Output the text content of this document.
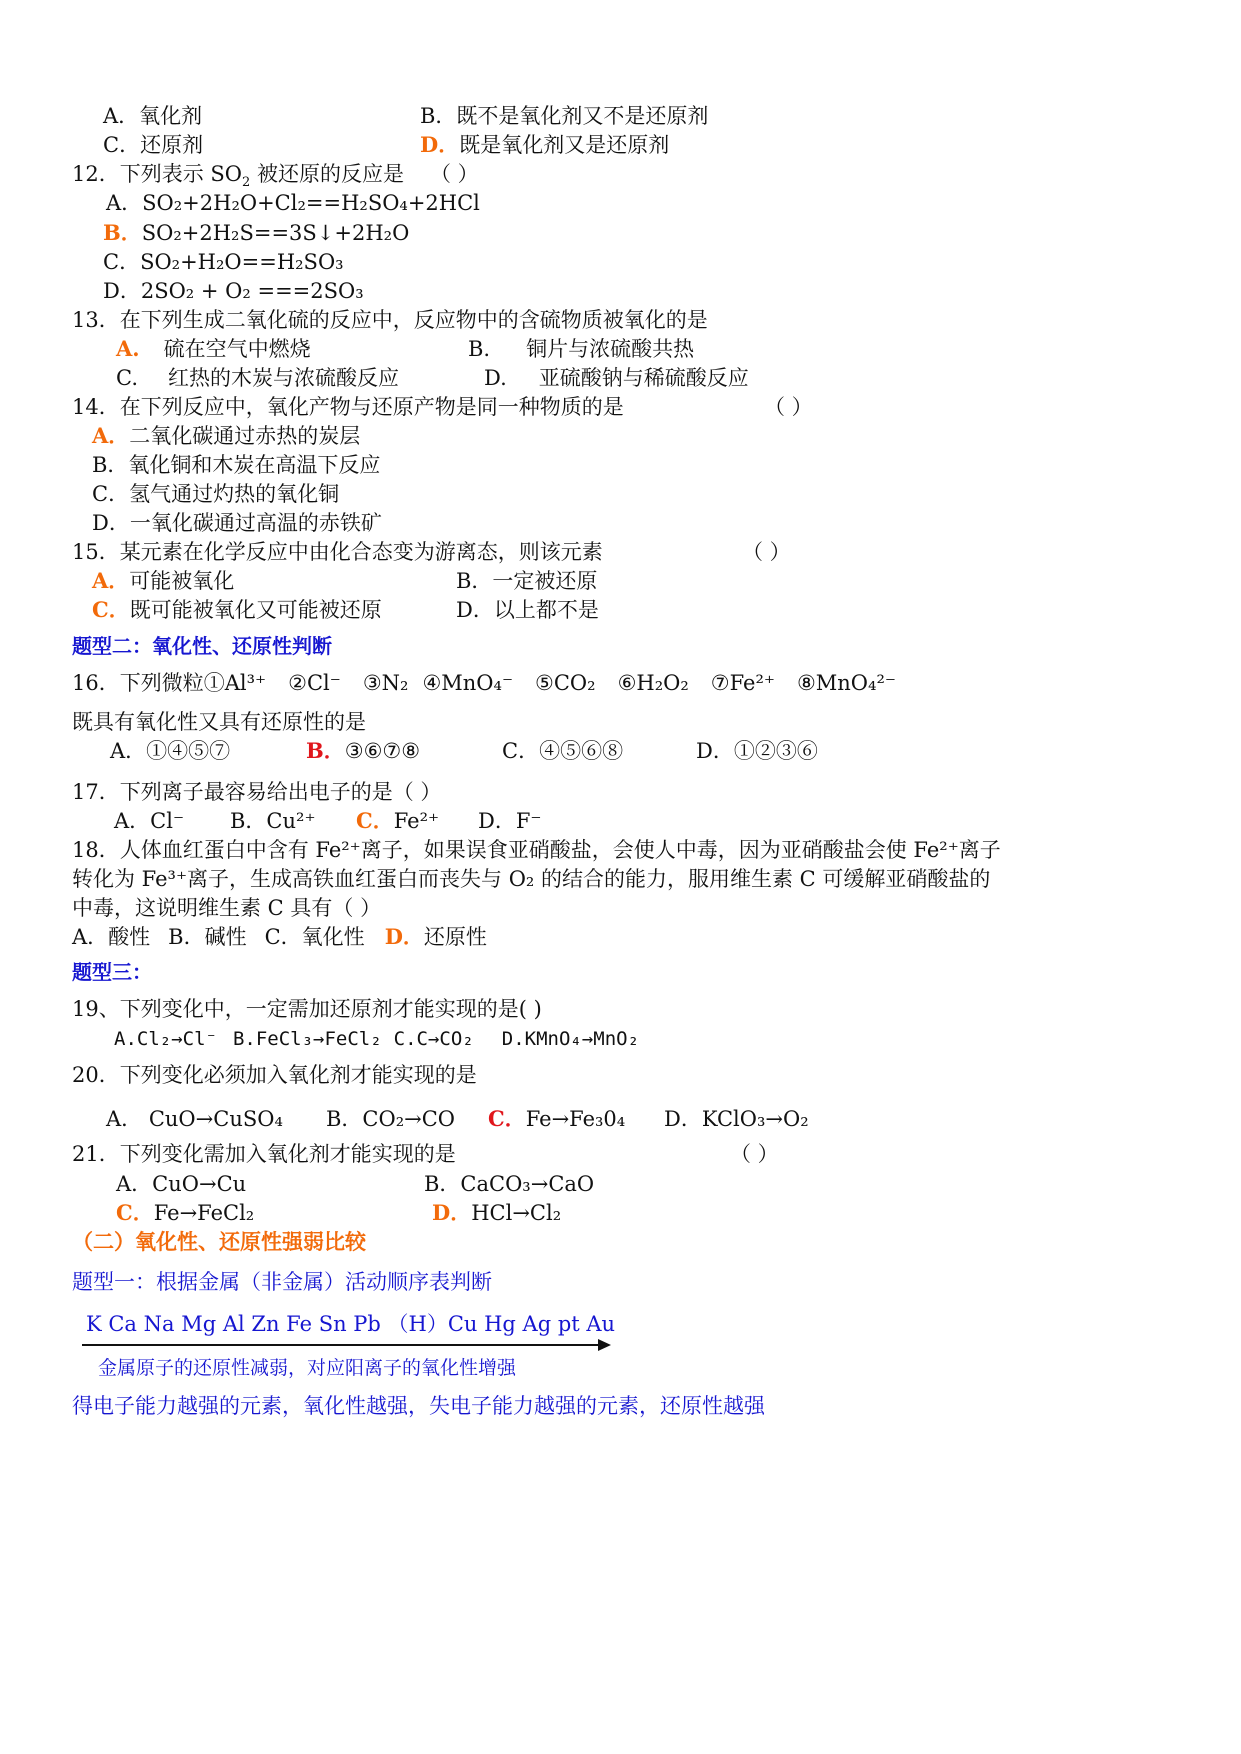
A．氧化剂	B．既不是氧化剂又不是还原剂
C．还原剂	D．既是氧化剂又是还原剂
12．下列表示 $SO_2$ 被还原的反应是 （ ）
A．SO₂+2H₂O+Cl₂==H₂SO₄+2HCl
B．SO₂+2H₂S==3S↓+2H₂O
C．SO₂+H₂O==H₂SO₃
D．2SO₂ + O₂ ===2SO₃
13．在下列生成二氧化硫的反应中，反应物中的含硫物质被氧化的是
A. 硫在空气中燃烧	B. 铜片与浓硫酸共热
C. 红热的木炭与浓硫酸反应	D. 亚硫酸钠与稀硫酸反应
14．在下列反应中，氧化产物与还原产物是同一种物质的是	（ ）
A．二氧化碳通过赤热的炭层
B．氧化铜和木炭在高温下反应
C．氢气通过灼热的氧化铜
D．一氧化碳通过高温的赤铁矿
15．某元素在化学反应中由化合态变为游离态，则该元素	（ ）
A．可能被氧化	B．一定被还原
C．既可能被氧化又可能被还原	D．以上都不是
题型二：氧化性、还原性判断
16．下列微粒①Al³⁺ ②Cl⁻ ③N₂ ④MnO₄⁻ ⑤CO₂ ⑥H₂O₂ ⑦Fe²⁺ ⑧MnO₄²⁻
既具有氧化性又具有还原性的是
A．①④⑤⑦	B．③⑥⑦⑧	C．④⑤⑥⑧	D．①②③⑥
17．下列离子最容易给出电子的是（ ）
A．Cl⁻ B．Cu²⁺ C．Fe²⁺ D．F⁻
18．人体血红蛋白中含有 Fe²⁺离子，如果误食亚硝酸盐，会使人中毒，因为亚硝酸盐会使 Fe²⁺离子
转化为 Fe³⁺离子，生成高铁血红蛋白而丧失与 O₂ 的结合的能力，服用维生素 C 可缓解亚硝酸盐的
中毒，这说明维生素 C 具有（ ）
A．酸性 B．碱性 C．氧化性 D．还原性
题型三：
19、下列变化中，一定需加还原剂才能实现的是( )
A.Cl₂→Cl⁻ B.FeCl₃→FeCl₂ C.C→CO₂ D.KMnO₄→MnO₂
20．下列变化必须加入氧化剂才能实现的是
A． CuO→CuSO₄ B．CO₂→CO C．Fe→Fe₃0₄ D．KClO₃→O₂
21．下列变化需加入氧化剂才能实现的是	（ ）
A．CuO→Cu	B．CaCO₃→CaO
C．Fe→FeCl₂	D．HCl→Cl₂
（二）氧化性、还原性强弱比较
题型一：根据金属（非金属）活动顺序表判断
K Ca Na Mg Al Zn Fe Sn Pb （H）Cu Hg Ag pt Au
金属原子的还原性减弱，对应阳离子的氧化性增强
得电子能力越强的元素，氧化性越强，失电子能力越强的元素，还原性越强
